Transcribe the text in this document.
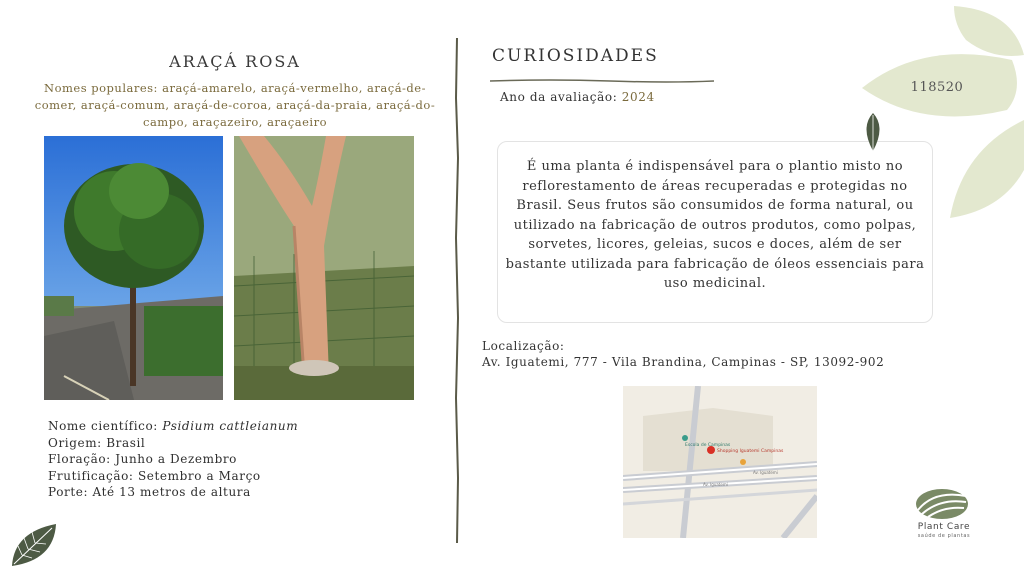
ARAÇÁ ROSA
Nomes populares: araçá-amarelo, araçá-vermelho, araçá-de-comer, araçá-comum, araçá-de-coroa, araçá-da-praia, araçá-do-campo, araçazeiro, araçaeiro
Nome científico: Psidium cattleianum
Origem: Brasil
Floração: Junho a Dezembro
Frutificação: Setembro a Março
Porte: Até 13 metros de altura
CURIOSIDADES
Ano da avaliação: 2024
É uma planta é indispensável para o plantio misto no reflorestamento de áreas recuperadas e protegidas no Brasil. Seus frutos são consumidos de forma natural, ou utilizado na fabricação de outros produtos, como polpas, sorvetes, licores, geleias, sucos e doces, além de ser bastante utilizada para fabricação de óleos essenciais para uso medicinal.
Localização:
Av. Iguatemi, 777 - Vila Brandina, Campinas - SP, 13092-902
Escola de Campinas
Shopping Iguatemi Campinas
Av. Iguatemi
Av. Iguatemi
118520
Plant Care
saúde de plantas
